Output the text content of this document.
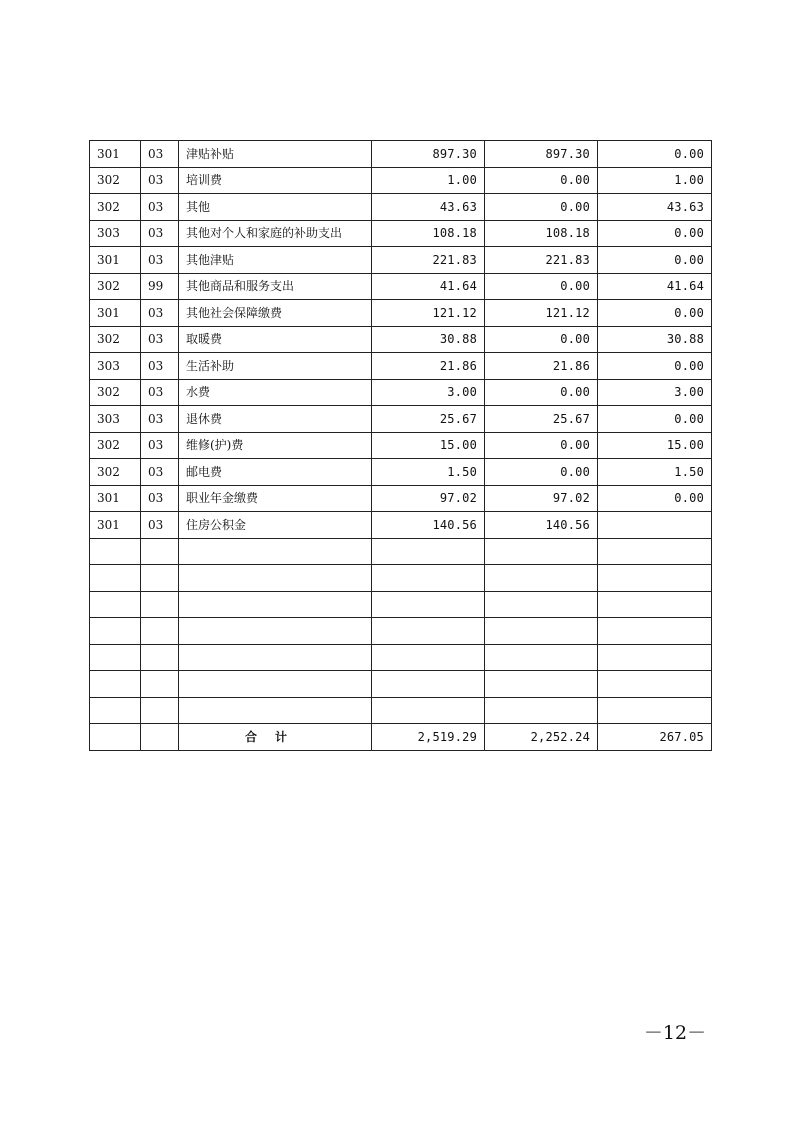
301	03	津贴补贴	897.30	897.30	0.00
302	03	培训费	1.00	0.00	1.00
302	03	其他	43.63	0.00	43.63
303	03	其他对个人和家庭的补助支出	108.18	108.18	0.00
301	03	其他津贴	221.83	221.83	0.00
302	99	其他商品和服务支出	41.64	0.00	41.64
301	03	其他社会保障缴费	121.12	121.12	0.00
302	03	取暖费	30.88	0.00	30.88
303	03	生活补助	21.86	21.86	0.00
302	03	水费	3.00	0.00	3.00
303	03	退休费	25.67	25.67	0.00
302	03	维修(护)费	15.00	0.00	15.00
302	03	邮电费	1.50	0.00	1.50
301	03	职业年金缴费	97.02	97.02	0.00
301	03	住房公积金	140.56	140.56	

		合计	2,519.29	2,252.24	267.05
－12－
